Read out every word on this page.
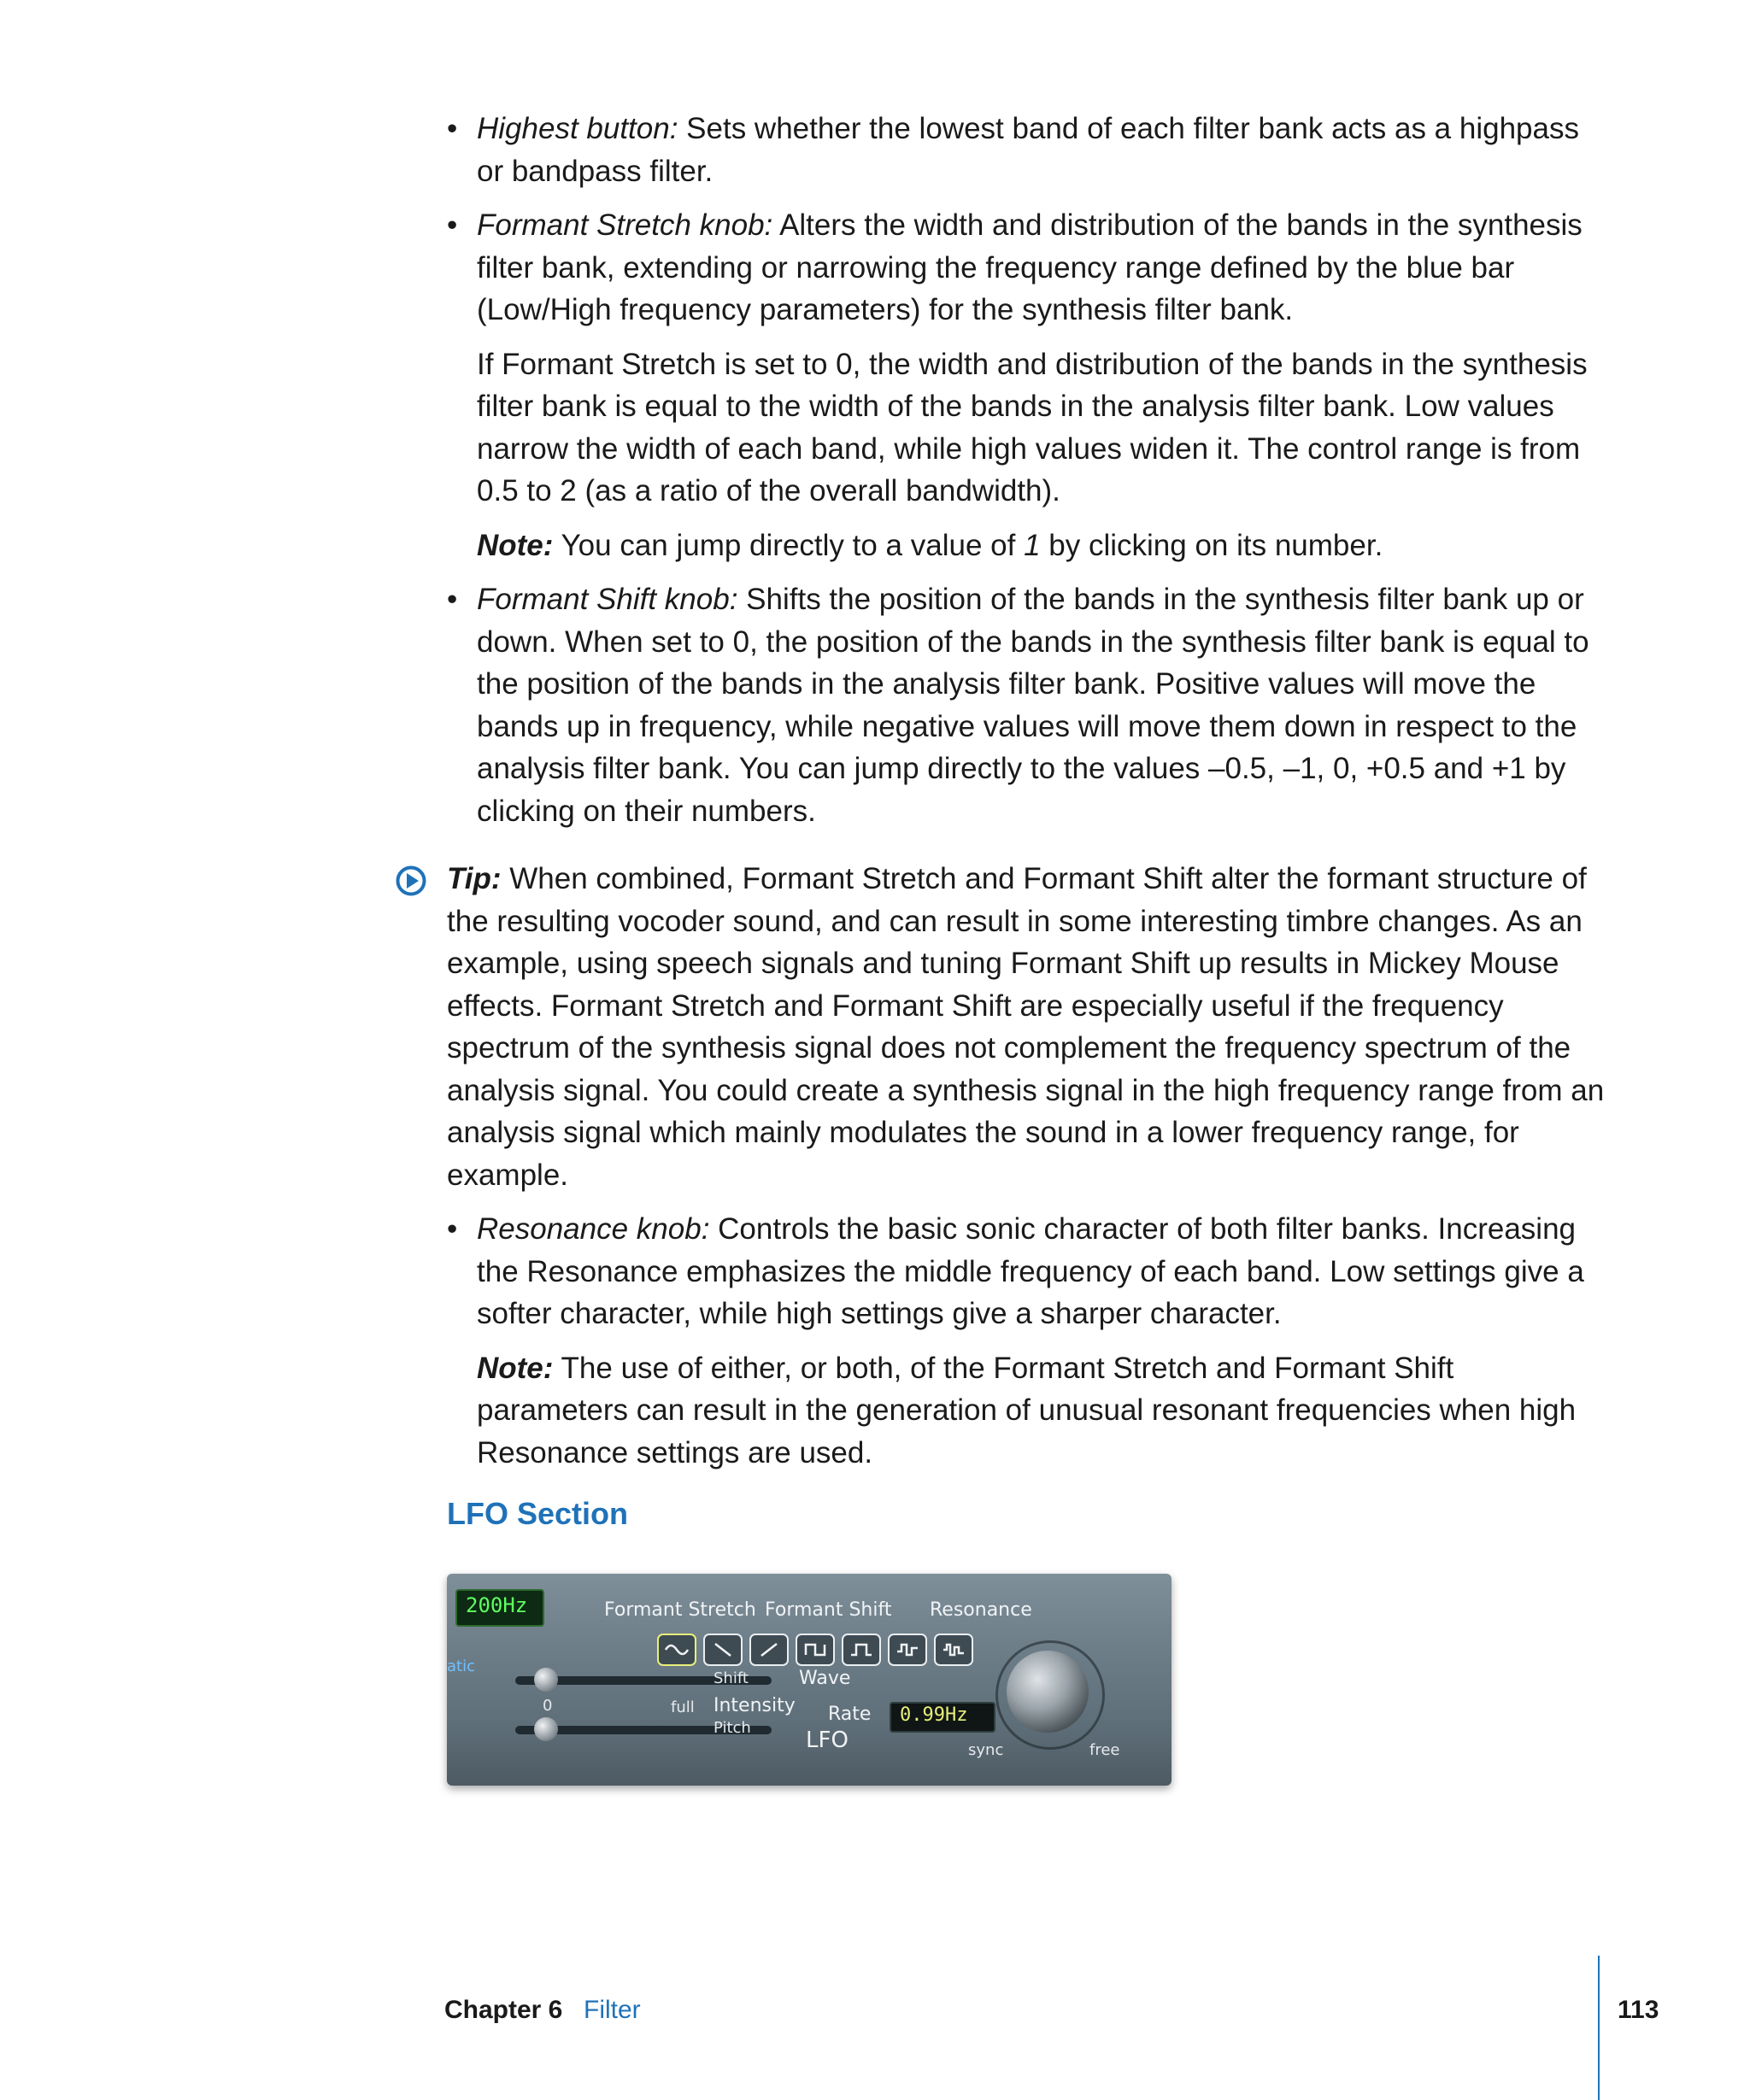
• Highest button: Sets whether the lowest band of each filter bank acts as a highpass or bandpass filter.
• Formant Stretch knob: Alters the width and distribution of the bands in the synthesis filter bank, extending or narrowing the frequency range defined by the blue bar (Low/High frequency parameters) for the synthesis filter bank.
If Formant Stretch is set to 0, the width and distribution of the bands in the synthesis filter bank is equal to the width of the bands in the analysis filter bank. Low values narrow the width of each band, while high values widen it. The control range is from 0.5 to 2 (as a ratio of the overall bandwidth).
Note: You can jump directly to a value of 1 by clicking on its number.
• Formant Shift knob: Shifts the position of the bands in the synthesis filter bank up or down. When set to 0, the position of the bands in the synthesis filter bank is equal to the position of the bands in the analysis filter bank. Positive values will move the bands up in frequency, while negative values will move them down in respect to the analysis filter bank. You can jump directly to the values –0.5, –1, 0, +0.5 and +1 by clicking on their numbers.
Tip: When combined, Formant Stretch and Formant Shift alter the formant structure of the resulting vocoder sound, and can result in some interesting timbre changes. As an example, using speech signals and tuning Formant Shift up results in Mickey Mouse effects. Formant Stretch and Formant Shift are especially useful if the frequency spectrum of the synthesis signal does not complement the frequency spectrum of the analysis signal. You could create a synthesis signal in the high frequency range from an analysis signal which mainly modulates the sound in a lower frequency range, for example.
• Resonance knob: Controls the basic sonic character of both filter banks. Increasing the Resonance emphasizes the middle frequency of each band. Low settings give a softer character, while high settings give a sharper character.
Note: The use of either, or both, of the Formant Stretch and Formant Shift parameters can result in the generation of unusual resonant frequencies when high Resonance settings are used.
LFO Section
200Hz
atic
Formant Stretch Formant Shift Resonance
Wave
Shift
0	full Intensity
Pitch
Rate 0.99Hz
LFO	sync	free
Chapter 6 Filter	113
